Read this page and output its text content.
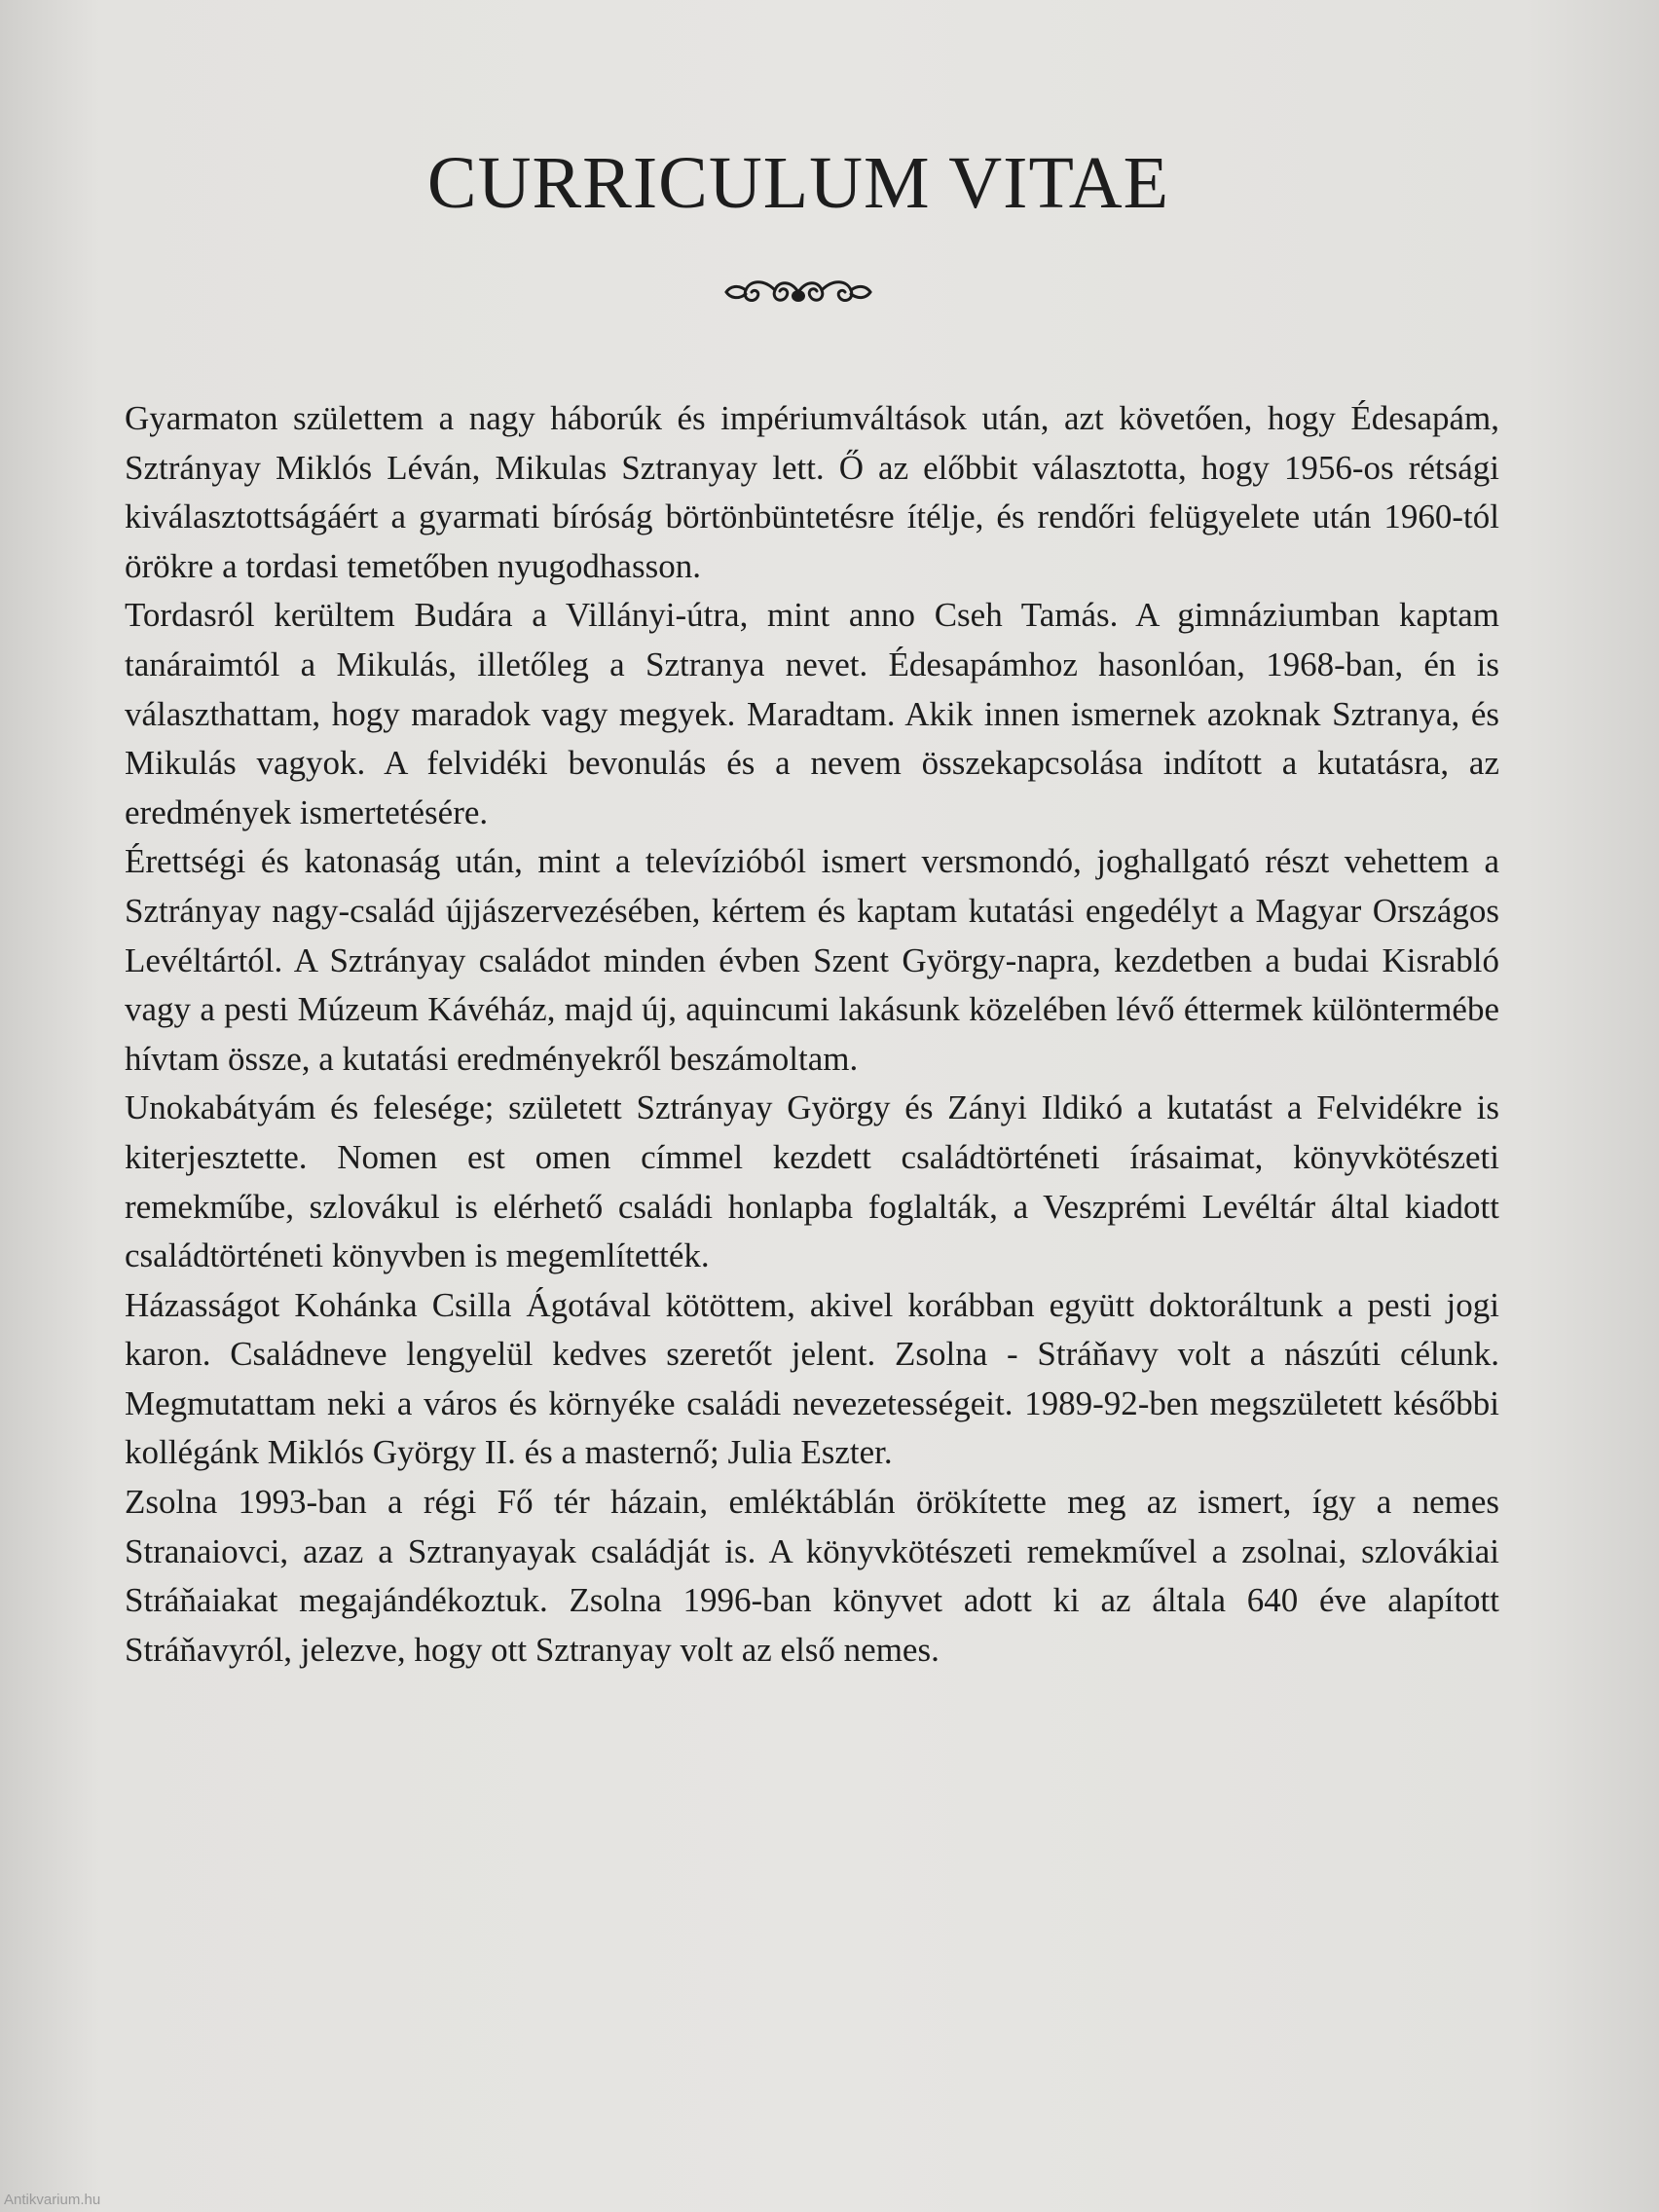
CURRICULUM VITAE

Gyarmaton születtem a nagy háborúk és impériumváltások után, azt követően, hogy Édesapám, Sztrányay Miklós Léván, Mikulas Sztranyay lett. Ő az előbbit választotta, hogy 1956-os rétsági kiválasztottságáért a gyarmati bíróság börtönbüntetésre ítélje, és rendőri felügyelete után 1960-tól örökre a tordasi temetőben nyugodhasson.

Tordasról kerültem Budára a Villányi-útra, mint anno Cseh Tamás. A gimnáziumban kaptam tanáraimtól a Mikulás, illetőleg a Sztranya nevet. Édesapámhoz hasonlóan, 1968-ban, én is választhattam, hogy maradok vagy megyek. Maradtam. Akik innen ismernek azoknak Sztranya, és Mikulás vagyok. A felvidéki bevonulás és a nevem összekapcsolása indított a kutatásra, az eredmények ismertetésére.

Érettségi és katonaság után, mint a televízióból ismert versmondó, joghallgató részt vehettem a Sztrányay nagy-család újjászervezésében, kértem és kaptam kutatási engedélyt a Magyar Országos Levéltártól. A Sztrányay családot minden évben Szent György-napra, kezdetben a budai Kisrabló vagy a pesti Múzeum Kávéház, majd új, aquincumi lakásunk közelében lévő éttermek különtermébe hívtam össze, a kutatási eredményekről beszámoltam.

Unokabátyám és felesége; született Sztrányay György és Zányi Ildikó a kutatást a Felvidékre is kiterjesztette. Nomen est omen címmel kezdett családtörténeti írásaimat, könyvkötészeti remekműbe, szlovákul is elérhető családi honlapba foglalták, a Veszprémi Levéltár által kiadott családtörténeti könyvben is megemlítették.

Házasságot Kohánka Csilla Ágotával kötöttem, akivel korábban együtt doktoráltunk a pesti jogi karon. Családneve lengyelül kedves szeretőt jelent. Zsolna - Stráňavy volt a nászúti célunk. Megmutattam neki a város és környéke családi nevezetességeit. 1989-92-ben megszületett későbbi kollégánk Miklós György II. és a masternő; Julia Eszter.

Zsolna 1993-ban a régi Fő tér házain, emléktáblán örökítette meg az ismert, így a nemes Stranaiovci, azaz a Sztranyayak családját is. A könyvkötészeti remekművel a zsolnai, szlovákiai Stráňaiakat megajándékoztuk. Zsolna 1996-ban könyvet adott ki az általa 640 éve alapított Stráňavyról, jelezve, hogy ott Sztranyay volt az első nemes.

Antikvarium.hu
